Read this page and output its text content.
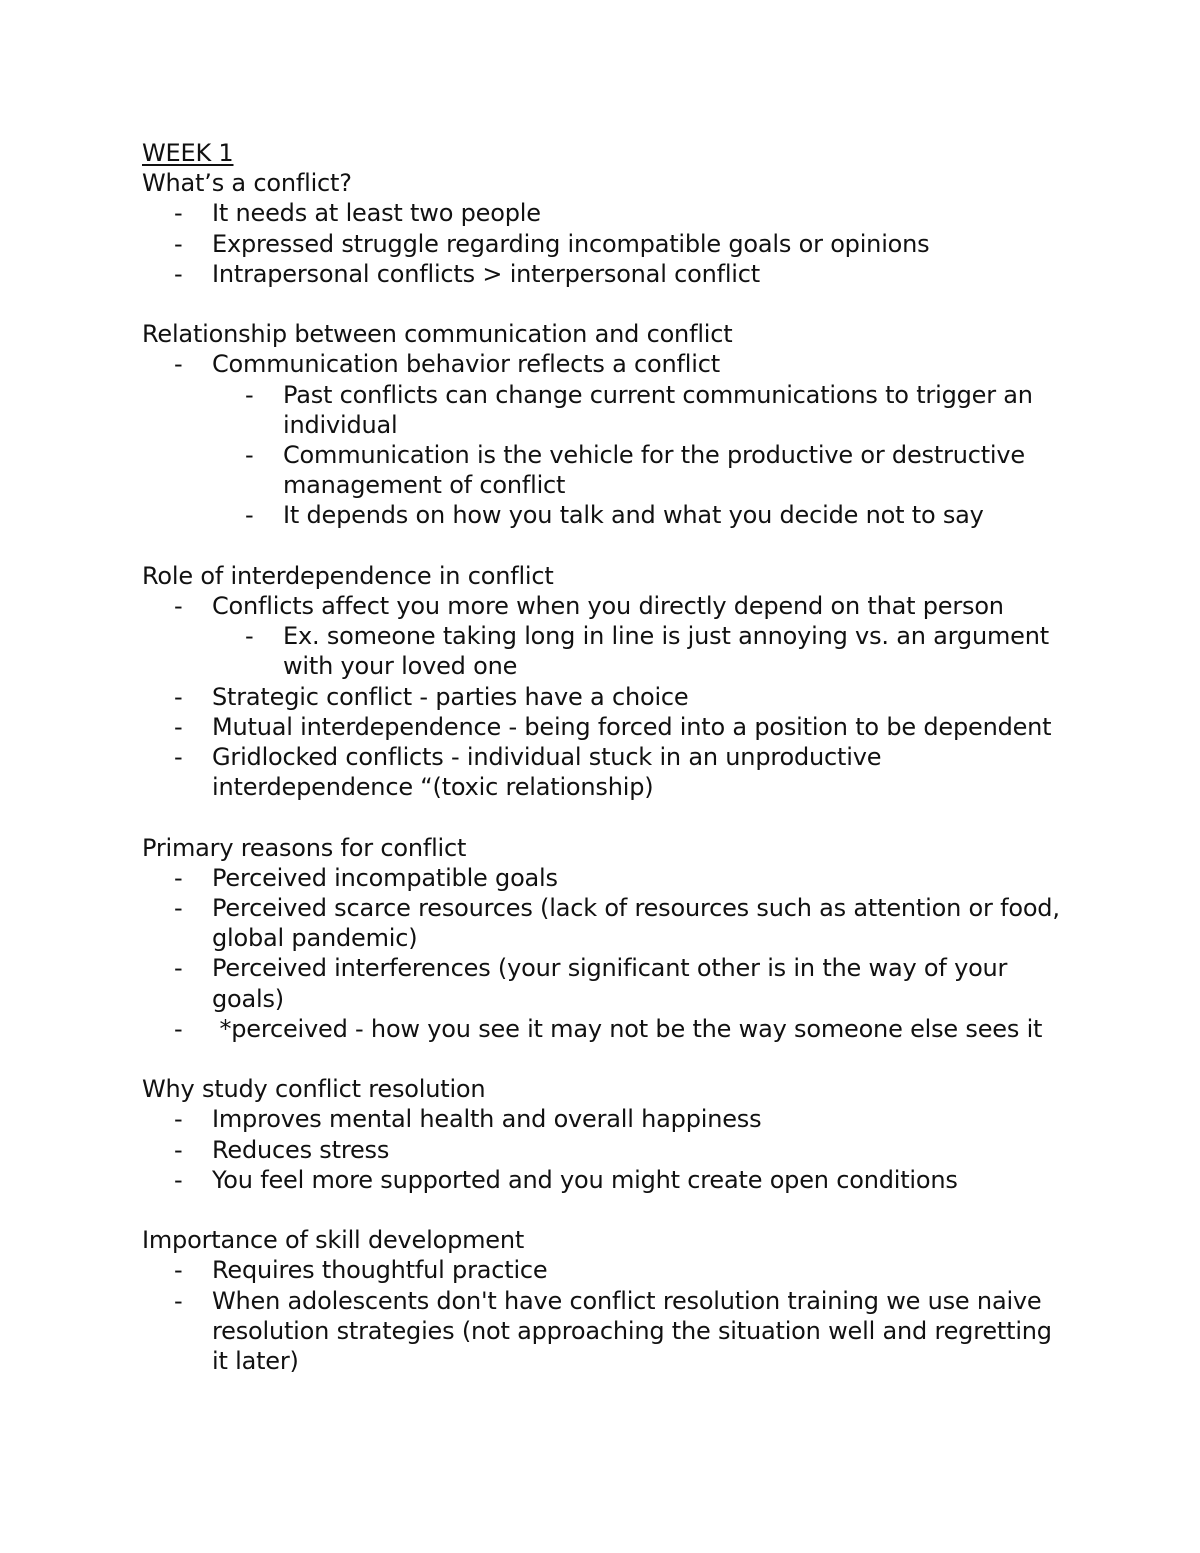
WEEK 1
What’s a conflict?
- It needs at least two people
- Expressed struggle regarding incompatible goals or opinions
- Intrapersonal conflicts > interpersonal conflict
Relationship between communication and conflict
- Communication behavior reflects a conflict
- Past conflicts can change current communications to trigger an individual
- Communication is the vehicle for the productive or destructive management of conflict
- It depends on how you talk and what you decide not to say
Role of interdependence in conflict
- Conflicts affect you more when you directly depend on that person
- Ex. someone taking long in line is just annoying vs. an argument with your loved one
- Strategic conflict - parties have a choice
- Mutual interdependence - being forced into a position to be dependent
- Gridlocked conflicts - individual stuck in an unproductive interdependence “(toxic relationship)
Primary reasons for conflict
- Perceived incompatible goals
- Perceived scarce resources (lack of resources such as attention or food, global pandemic)
- Perceived interferences (your significant other is in the way of your goals)
- *perceived - how you see it may not be the way someone else sees it
Why study conflict resolution
- Improves mental health and overall happiness
- Reduces stress
- You feel more supported and you might create open conditions
Importance of skill development
- Requires thoughtful practice
- When adolescents don't have conflict resolution training we use naive resolution strategies (not approaching the situation well and regretting it later)
